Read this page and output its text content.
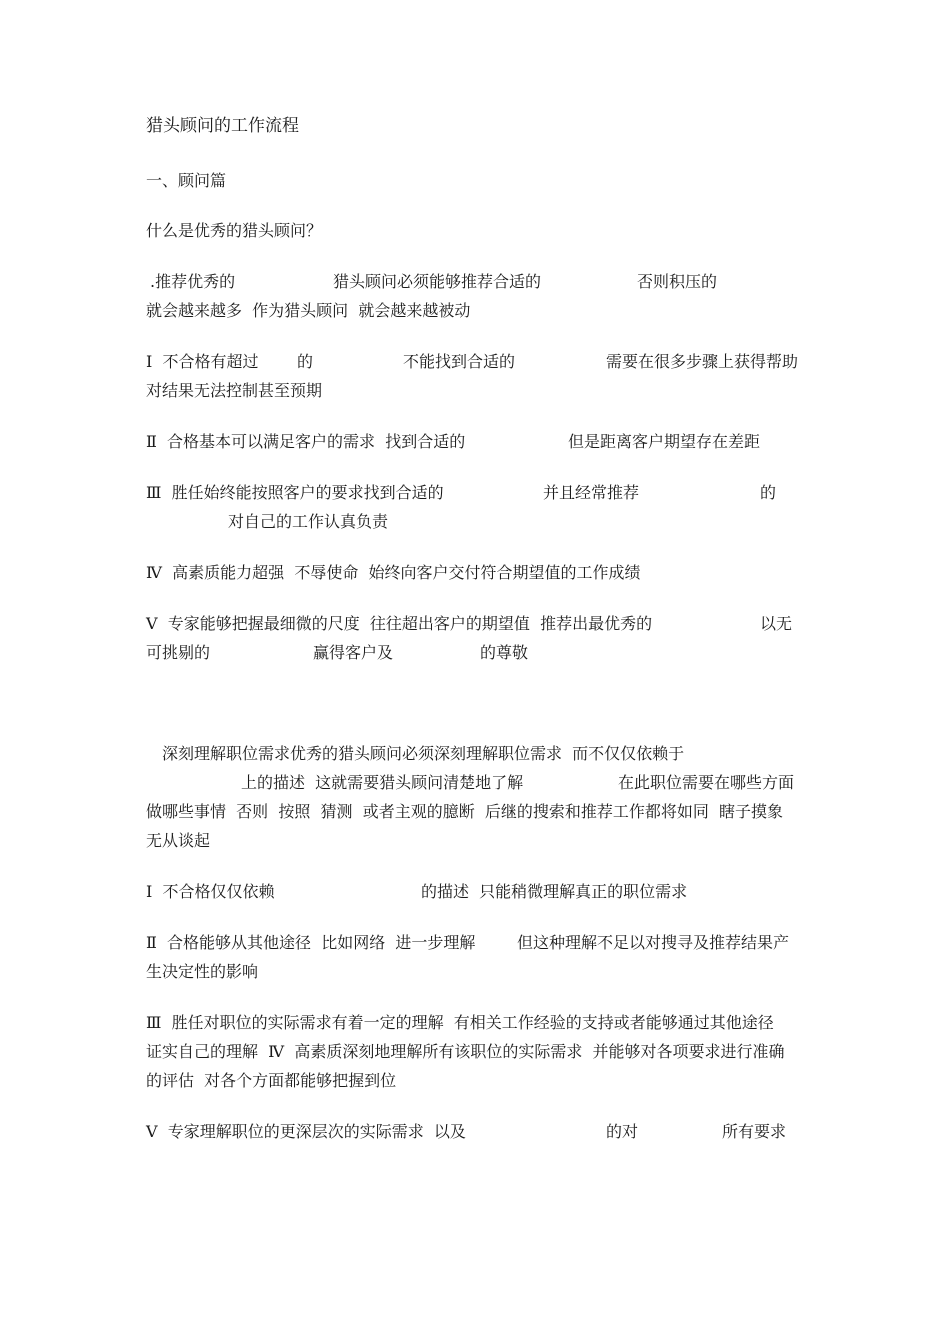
猎头顾问的工作流程
一、顾问篇
什么是优秀的猎头顾问？
.推荐优秀的	猎头顾问必须能够推荐合适的	否则积压的
就会越来越多  作为猎头顾问  就会越来越被动
Ⅰ  不合格有超过 的	不能找到合适的	需要在很多步骤上获得帮助
对结果无法控制甚至预期
Ⅱ  合格基本可以满足客户的需求  找到合适的	但是距离客户期望存在差距
Ⅲ  胜任始终能按照客户的要求找到合适的	并且经常推荐	的
对自己的工作认真负责
Ⅳ  高素质能力超强  不辱使命  始终向客户交付符合期望值的工作成绩
Ⅴ  专家能够把握最细微的尺度  往往超出客户的期望值  推荐出最优秀的	以无
可挑剔的	赢得客户及	的尊敬
深刻理解职位需求优秀的猎头顾问必须深刻理解职位需求  而不仅仅依赖于
上的描述  这就需要猎头顾问清楚地了解	在此职位需要在哪些方面
做哪些事情  否则  按照  猜测  或者主观的臆断  后继的搜索和推荐工作都将如同  瞎子摸象
无从谈起
Ⅰ  不合格仅仅依赖	的描述  只能稍微理解真正的职位需求
Ⅱ  合格能够从其他途径  比如网络  进一步理解	但这种理解不足以对搜寻及推荐结果产
生决定性的影响
Ⅲ  胜任对职位的实际需求有着一定的理解  有相关工作经验的支持或者能够通过其他途径
证实自己的理解  Ⅳ  高素质深刻地理解所有该职位的实际需求  并能够对各项要求进行准确
的评估  对各个方面都能够把握到位
Ⅴ  专家理解职位的更深层次的实际需求  以及	的对	所有要求
